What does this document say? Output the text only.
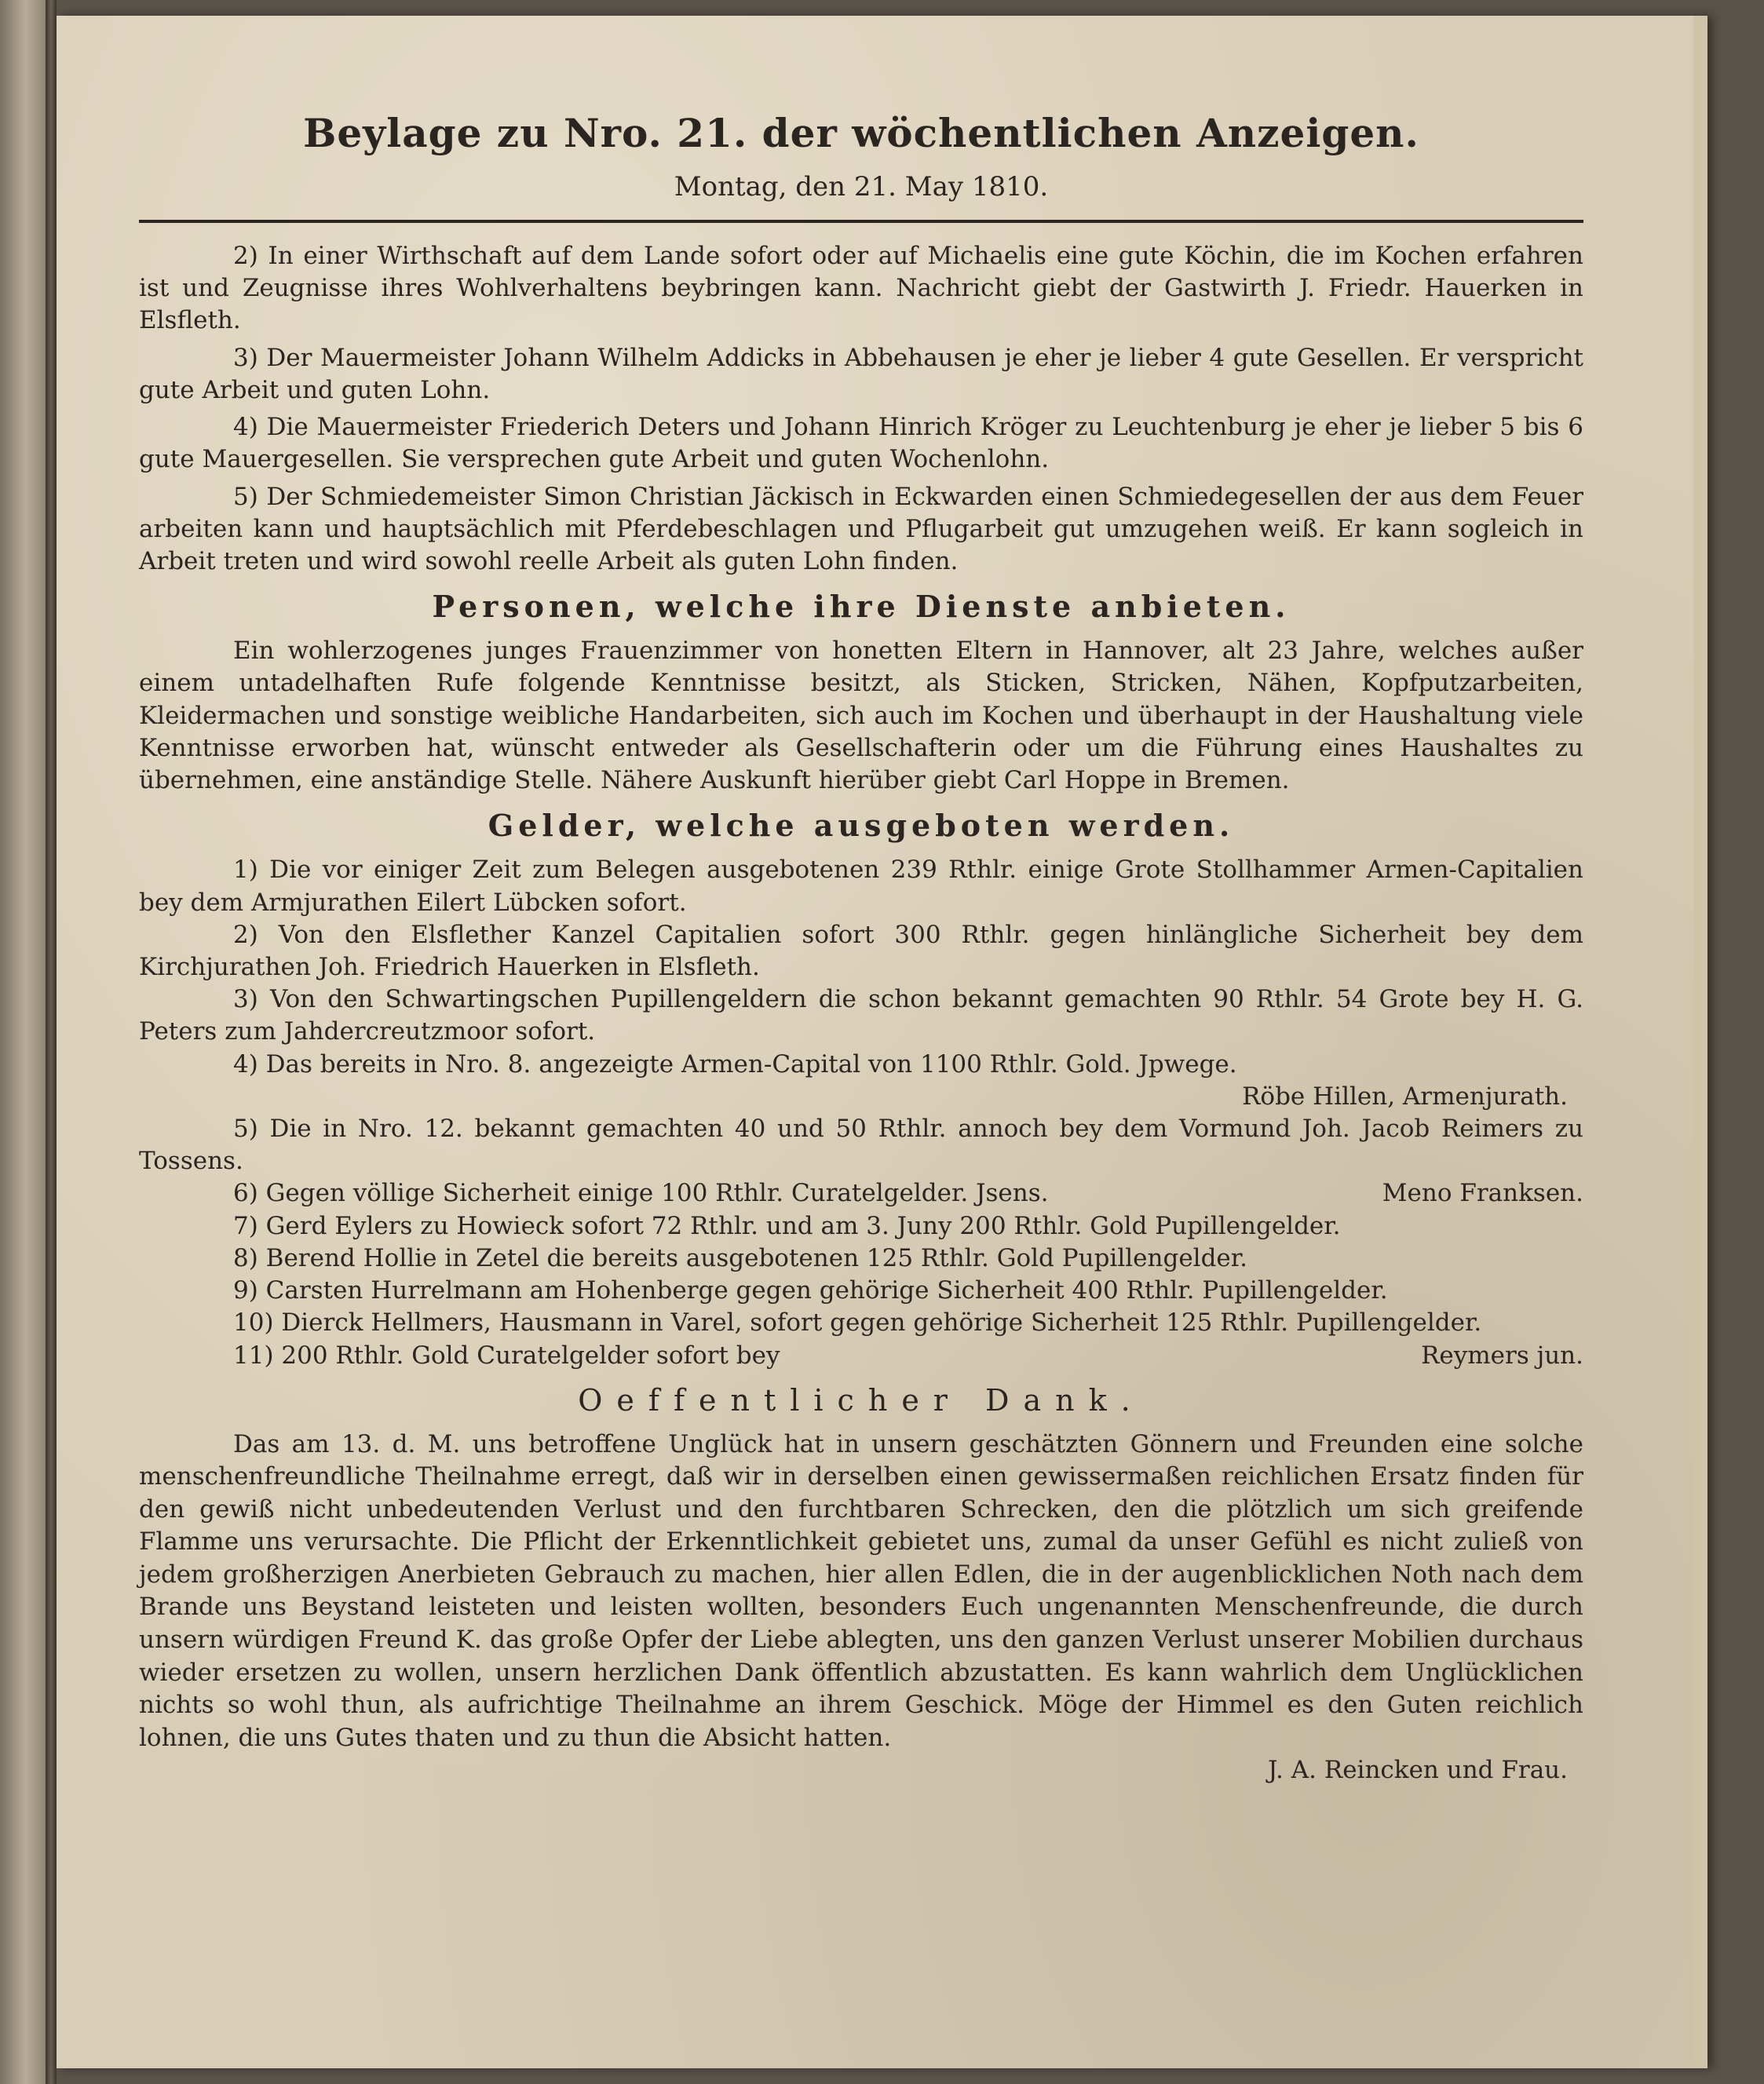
Beylage zu Nro. 21. der wöchentlichen Anzeigen.
Montag, den 21. May 1810.

2) In einer Wirthschaft auf dem Lande sofort oder auf Michaelis eine gute Köchin, die im Kochen erfahren ist und Zeugnisse ihres Wohlverhaltens beybringen kann. Nachricht giebt der Gastwirth J. Friedr. Hauerken in Elsfleth.

3) Der Mauermeister Johann Wilhelm Addicks in Abbehausen je eher je lieber 4 gute Gesellen. Er verspricht gute Arbeit und guten Lohn.

4) Die Mauermeister Friederich Deters und Johann Hinrich Kröger zu Leuchtenburg je eher je lieber 5 bis 6 gute Mauergesellen. Sie versprechen gute Arbeit und guten Wochenlohn.

5) Der Schmiedemeister Simon Christian Jäckisch in Eckwarden einen Schmiedegesellen der aus dem Feuer arbeiten kann und hauptsächlich mit Pferdebeschlagen und Pflugarbeit gut umzugehen weiß. Er kann sogleich in Arbeit treten und wird sowohl reelle Arbeit als guten Lohn finden.

Personen, welche ihre Dienste anbieten.

Ein wohlerzogenes junges Frauenzimmer von honetten Eltern in Hannover, alt 23 Jahre, welches außer einem untadelhaften Rufe folgende Kenntnisse besitzt, als Sticken, Stricken, Nähen, Kopfputzarbeiten, Kleidermachen und sonstige weibliche Handarbeiten, sich auch im Kochen und überhaupt in der Haushaltung viele Kenntnisse erworben hat, wünscht entweder als Gesellschafterin oder um die Führung eines Haushaltes zu übernehmen, eine anständige Stelle. Nähere Auskunft hierüber giebt Carl Hoppe in Bremen.

Gelder, welche ausgeboten werden.

1) Die vor einiger Zeit zum Belegen ausgebotenen 239 Rthlr. einige Grote Stollhammer Armen-Capitalien bey dem Armjurathen Eilert Lübcken sofort.

2) Von den Elsflether Kanzel Capitalien sofort 300 Rthlr. gegen hinlängliche Sicherheit bey dem Kirchjurathen Joh. Friedrich Hauerken in Elsfleth.

3) Von den Schwartingschen Pupillengeldern die schon bekannt gemachten 90 Rthlr. 54 Grote bey H. G. Peters zum Jahdercreutzmoor sofort.

4) Das bereits in Nro. 8. angezeigte Armen-Capital von 1100 Rthlr. Gold. Jpwege.

Röbe Hillen, Armenjurath.

5) Die in Nro. 12. bekannt gemachten 40 und 50 Rthlr. annoch bey dem Vormund Joh. Jacob Reimers zu Tossens.

6) Gegen völlige Sicherheit einige 100 Rthlr. Curatelgelder. Jsens.	Meno Franksen.
7) Gerd Eylers zu Howieck sofort 72 Rthlr. und am 3. Juny 200 Rthlr. Gold Pupillengelder.
8) Berend Hollie in Zetel die bereits ausgebotenen 125 Rthlr. Gold Pupillengelder.
9) Carsten Hurrelmann am Hohenberge gegen gehörige Sicherheit 400 Rthlr. Pupillengelder.
10) Dierck Hellmers, Hausmann in Varel, sofort gegen gehörige Sicherheit 125 Rthlr. Pupillengelder.
11) 200 Rthlr. Gold Curatelgelder sofort bey	Reymers jun.
Oeffentlicher Dank.

Das am 13. d. M. uns betroffene Unglück hat in unsern geschätzten Gönnern und Freunden eine solche menschenfreundliche Theilnahme erregt, daß wir in derselben einen gewissermaßen reichlichen Ersatz finden für den gewiß nicht unbedeutenden Verlust und den furchtbaren Schrecken, den die plötzlich um sich greifende Flamme uns verursachte. Die Pflicht der Erkenntlichkeit gebietet uns, zumal da unser Gefühl es nicht zuließ von jedem großherzigen Anerbieten Gebrauch zu machen, hier allen Edlen, die in der augenblicklichen Noth nach dem Brande uns Beystand leisteten und leisten wollten, besonders Euch ungenannten Menschenfreunde, die durch unsern würdigen Freund K. das große Opfer der Liebe ablegten, uns den ganzen Verlust unserer Mobilien durchaus wieder ersetzen zu wollen, unsern herzlichen Dank öffentlich abzustatten. Es kann wahrlich dem Unglücklichen nichts so wohl thun, als aufrichtige Theilnahme an ihrem Geschick. Möge der Himmel es den Guten reichlich lohnen, die uns Gutes thaten und zu thun die Absicht hatten.

J. A. Reincken und Frau.
